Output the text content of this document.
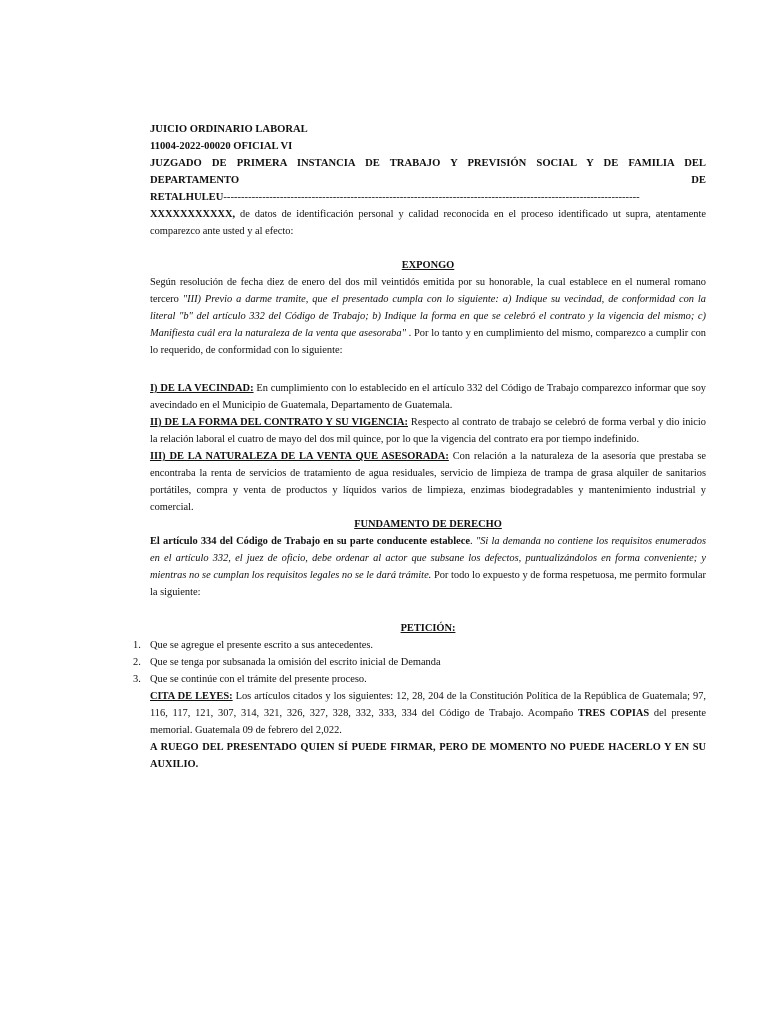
JUICIO ORDINARIO LABORAL

11004-2022-00020 OFICIAL VI

JUZGADO DE PRIMERA INSTANCIA DE TRABAJO Y PREVISIÓN SOCIAL Y DE FAMILIA DEL DEPARTAMENTO DE

RETALHULEU----------------------------------------------------------------------------------------------------------------------

XXXXXXXXXXX, de datos de identificación personal y calidad reconocida en el proceso identificado ut supra, atentamente comparezco ante usted y al efecto:

EXPONGO

Según resolución de fecha diez de enero del dos mil veintidós emitida por su honorable, la cual establece en el numeral romano tercero "III) Previo a darme tramite, que el presentado cumpla con lo siguiente: a) Indique su vecindad, de conformidad con la literal "b" del artículo 332 del Código de Trabajo; b) Indique la forma en que se celebró el contrato y la vigencia del mismo; c) Manifiesta cuál era la naturaleza de la venta que asesoraba" . Por lo tanto y en cumplimiento del mismo, comparezco a cumplir con lo requerido, de conformidad con lo siguiente:

I) DE LA VECINDAD: En cumplimiento con lo establecido en el artículo 332 del Código de Trabajo comparezco informar que soy avecindado en el Municipio de Guatemala, Departamento de Guatemala.

II) DE LA FORMA DEL CONTRATO Y SU VIGENCIA: Respecto al contrato de trabajo se celebró de forma verbal y dio inicio la relación laboral el cuatro de mayo del dos mil quince, por lo que la vigencia del contrato era por tiempo indefinido.

III) DE LA NATURALEZA DE LA VENTA QUE ASESORADA: Con relación a la naturaleza de la asesoría que prestaba se encontraba la renta de servicios de tratamiento de agua residuales, servicio de limpieza de trampa de grasa alquiler de sanitarios portátiles, compra y venta de productos y líquidos varios de limpieza, enzimas biodegradables y mantenimiento industrial y comercial.

FUNDAMENTO DE DERECHO

El artículo 334 del Código de Trabajo en su parte conducente establece. "Si la demanda no contiene los requisitos enumerados en el artículo 332, el juez de oficio, debe ordenar al actor que subsane los defectos, puntualizándolos en forma conveniente; y mientras no se cumplan los requisitos legales no se le dará trámite. Por todo lo expuesto y de forma respetuosa, me permito formular la siguiente:

PETICIÓN:

1. Que se agregue el presente escrito a sus antecedentes.
2. Que se tenga por subsanada la omisión del escrito inicial de Demanda
3. Que se continúe con el trámite del presente proceso.

CITA DE LEYES: Los artículos citados y los siguientes: 12, 28, 204 de la Constitución Política de la República de Guatemala; 97, 116, 117, 121, 307, 314, 321, 326, 327, 328, 332, 333, 334 del Código de Trabajo. Acompaño TRES COPIAS del presente memorial. Guatemala 09 de febrero del 2,022.

A RUEGO DEL PRESENTADO QUIEN SÍ PUEDE FIRMAR, PERO DE MOMENTO NO PUEDE HACERLO Y EN SU AUXILIO.
